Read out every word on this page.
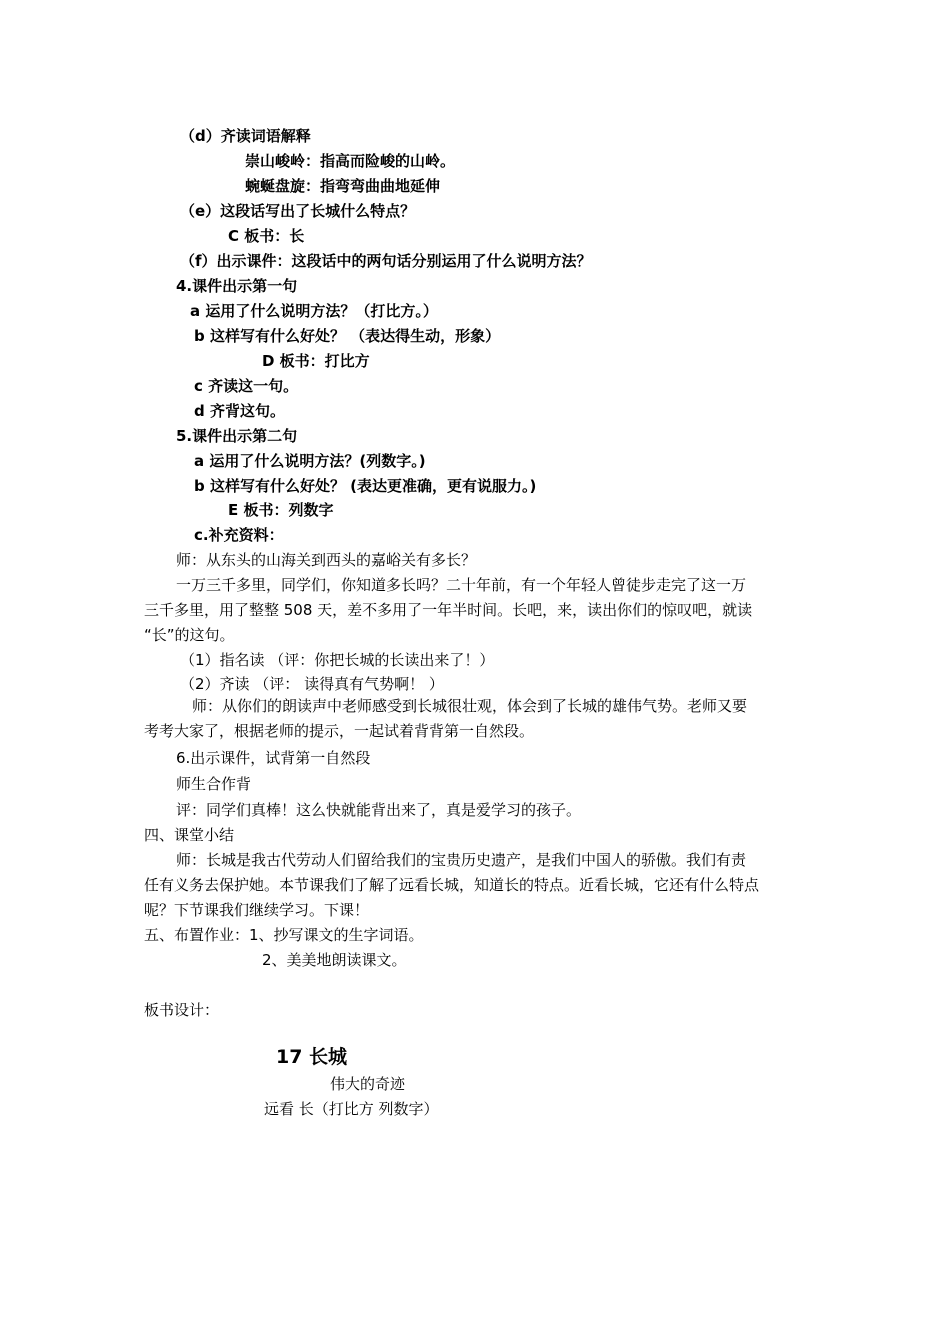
（d）齐读词语解释
崇山峻岭：指高而险峻的山岭。
蜿蜒盘旋：指弯弯曲曲地延伸
（e）这段话写出了长城什么特点？
C 板书：长
（f）出示课件：这段话中的两句话分别运用了什么说明方法？
4.课件出示第一句
a 运用了什么说明方法？（打比方。）
b 这样写有什么好处？ （表达得生动，形象）
D 板书：打比方
c 齐读这一句。
d 齐背这句。
5.课件出示第二句
a 运用了什么说明方法？(列数字。)
b 这样写有什么好处？ (表达更准确，更有说服力。)
E 板书：列数字
c.补充资料：
师：从东头的山海关到西头的嘉峪关有多长？
一万三千多里，同学们，你知道多长吗？二十年前，有一个年轻人曾徒步走完了这一万
三千多里，用了整整 508 天，差不多用了一年半时间。长吧，来，读出你们的惊叹吧，就读
“长”的这句。
（1）指名读 （评：你把长城的长读出来了！）
（2）齐读 （评： 读得真有气势啊！ ）
师：从你们的朗读声中老师感受到长城很壮观，体会到了长城的雄伟气势。老师又要
考考大家了，根据老师的提示，一起试着背背第一自然段。
6.出示课件，试背第一自然段
师生合作背
评：同学们真棒！这么快就能背出来了，真是爱学习的孩子。
四、课堂小结
师：长城是我古代劳动人们留给我们的宝贵历史遗产，是我们中国人的骄傲。我们有责
任有义务去保护她。本节课我们了解了远看长城，知道长的特点。近看长城，它还有什么特点
呢？下节课我们继续学习。下课！
五、布置作业：1、抄写课文的生字词语。
2、美美地朗读课文。
板书设计：
17 长城
伟大的奇迹
远看 长（打比方 列数字）
